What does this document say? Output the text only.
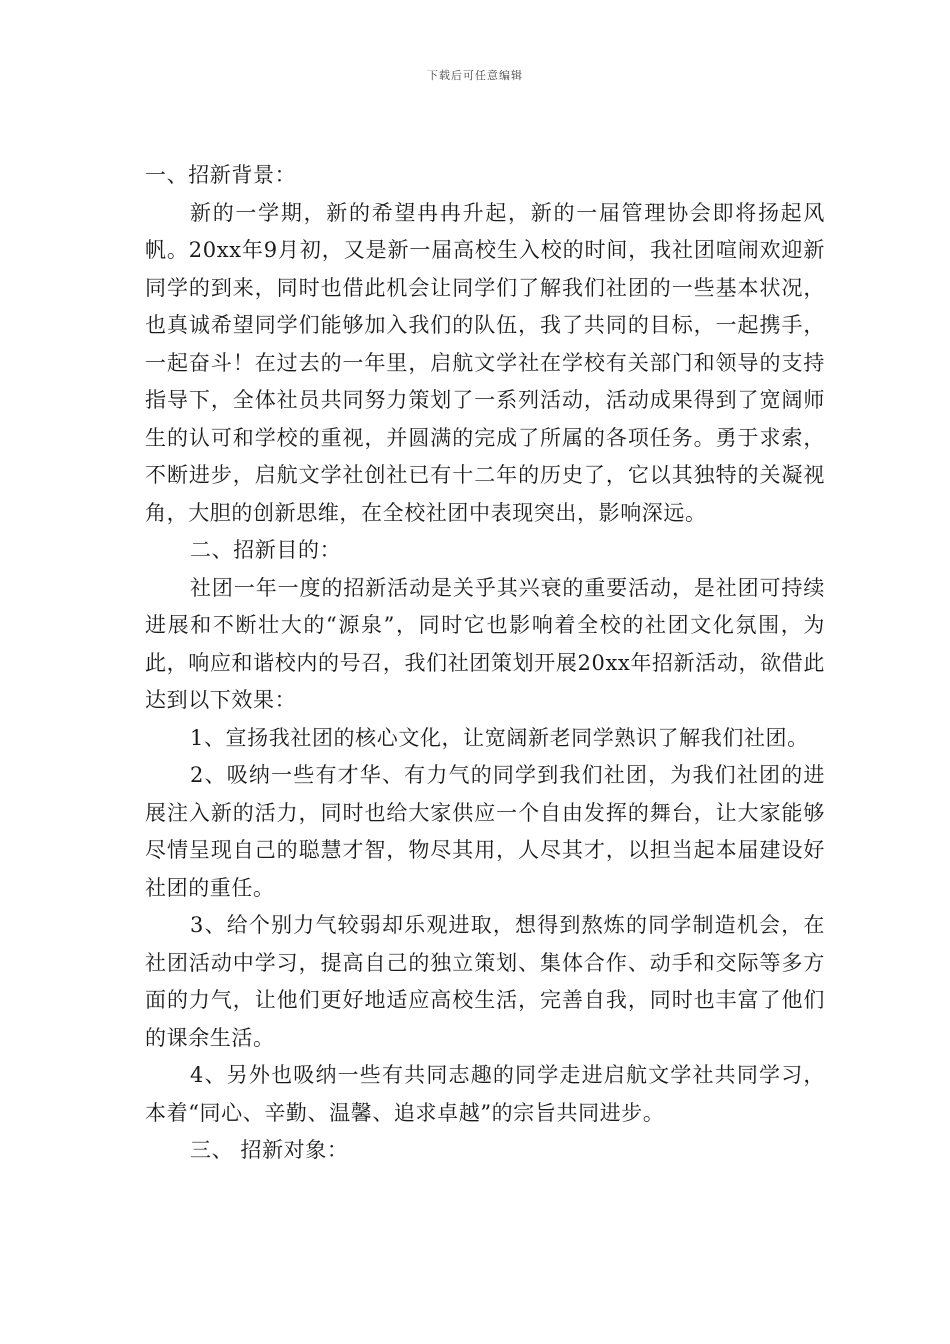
下载后可任意编辑

一、招新背景：

新的一学期，新的希望冉冉升起，新的一届管理协会即将扬起风帆。20xx年9月初，又是新一届高校生入校的时间，我社团喧闹欢迎新同学的到来，同时也借此机会让同学们了解我们社团的一些基本状况，也真诚希望同学们能够加入我们的队伍，我了共同的目标，一起携手，一起奋斗！在过去的一年里，启航文学社在学校有关部门和领导的支持指导下，全体社员共同努力策划了一系列活动，活动成果得到了宽阔师生的认可和学校的重视，并圆满的完成了所属的各项任务。勇于求索，不断进步，启航文学社创社已有十二年的历史了，它以其独特的关凝视角，大胆的创新思维，在全校社团中表现突出，影响深远。

二、招新目的：

社团一年一度的招新活动是关乎其兴衰的重要活动，是社团可持续进展和不断壮大的“源泉”，同时它也影响着全校的社团文化氛围，为此，响应和谐校内的号召，我们社团策划开展20xx年招新活动，欲借此达到以下效果：

1、宣扬我社团的核心文化，让宽阔新老同学熟识了解我们社团。

2、吸纳一些有才华、有力气的同学到我们社团，为我们社团的进展注入新的活力，同时也给大家供应一个自由发挥的舞台，让大家能够尽情呈现自己的聪慧才智，物尽其用，人尽其才，以担当起本届建设好社团的重任。

3、给个别力气较弱却乐观进取，想得到熬炼的同学制造机会，在社团活动中学习，提高自己的独立策划、集体合作、动手和交际等多方面的力气，让他们更好地适应高校生活，完善自我，同时也丰富了他们的课余生活。

4、另外也吸纳一些有共同志趣的同学走进启航文学社共同学习，本着“同心、辛勤、温馨、追求卓越”的宗旨共同进步。

三、 招新对象：
